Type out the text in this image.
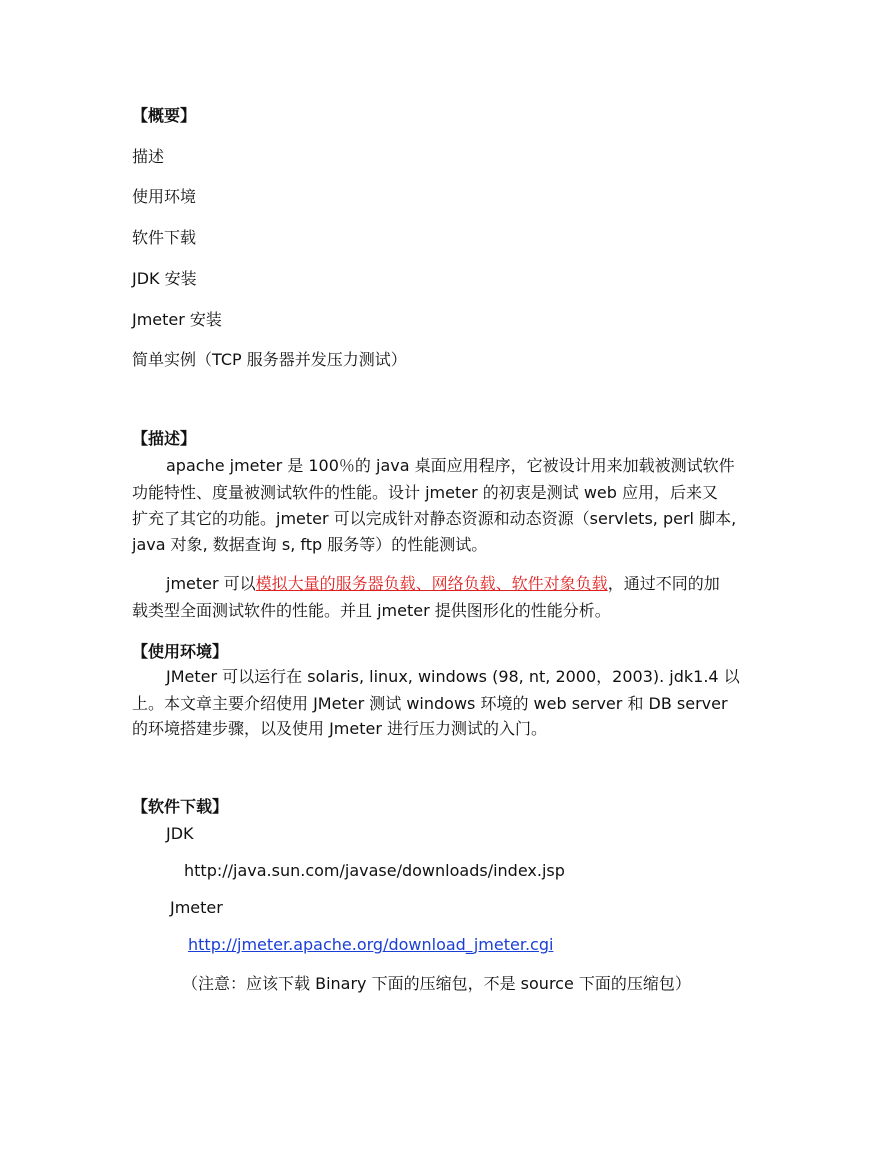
【概要】
描述
使用环境
软件下载
JDK 安装
Jmeter 安装
简单实例（TCP 服务器并发压力测试）
【描述】
apache jmeter 是 100％的 java 桌面应用程序，它被设计用来加载被测试软件
功能特性、度量被测试软件的性能。设计 jmeter 的初衷是测试 web 应用，后来又
扩充了其它的功能。jmeter 可以完成针对静态资源和动态资源（servlets, perl 脚本,
java 对象, 数据查询 s, ftp 服务等）的性能测试。
jmeter 可以模拟大量的服务器负载、网络负载、软件对象负载，通过不同的加
载类型全面测试软件的性能。并且 jmeter 提供图形化的性能分析。
【使用环境】
JMeter 可以运行在 solaris, linux, windows (98, nt, 2000，2003). jdk1.4 以
上。本文章主要介绍使用 JMeter 测试 windows 环境的 web server 和 DB server
的环境搭建步骤，以及使用 Jmeter 进行压力测试的入门。
【软件下载】
JDK
http://java.sun.com/javase/downloads/index.jsp
Jmeter
http://jmeter.apache.org/download_jmeter.cgi
（注意：应该下载 Binary 下面的压缩包，不是 source 下面的压缩包）
